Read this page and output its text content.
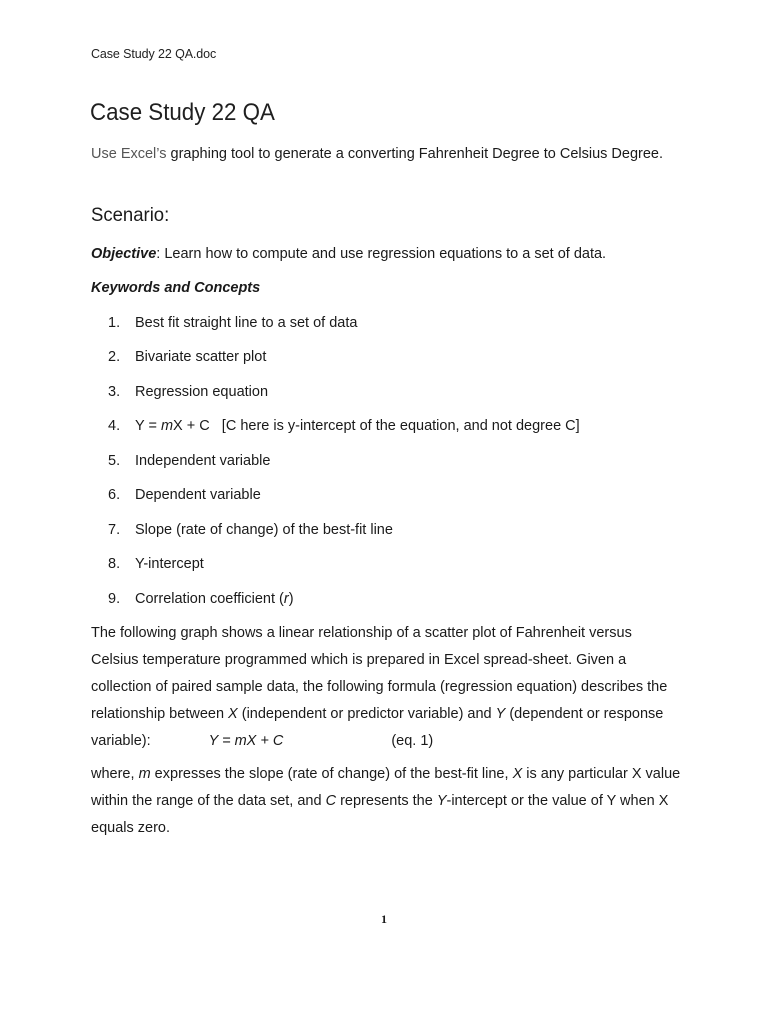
Case Study 22 QA.doc
Case Study 22 QA

Use Excel’s graphing tool to generate a converting Fahrenheit Degree to Celsius Degree.

Scenario:

Objective: Learn how to compute and use regression equations to a set of data.

Keywords and Concepts

1. Best fit straight line to a set of data
2. Bivariate scatter plot
3. Regression equation
4. Y = mX + C   [C here is y-intercept of the equation, and not degree C]
5. Independent variable
6. Dependent variable
7. Slope (rate of change) of the best-fit line
8. Y-intercept
9. Correlation coefficient (r)

The following graph shows a linear relationship of a scatter plot of Fahrenheit versus Celsius temperature programmed which is prepared in Excel spread-sheet. Given a collection of paired sample data, the following formula (regression equation) describes the relationship between X (independent or predictor variable) and Y (dependent or response variable):	Y = mX + C	(eq. 1)

where, m expresses the slope (rate of change) of the best-fit line, X is any particular X value within the range of the data set, and C represents the Y-intercept or the value of Y when X equals zero.

1
